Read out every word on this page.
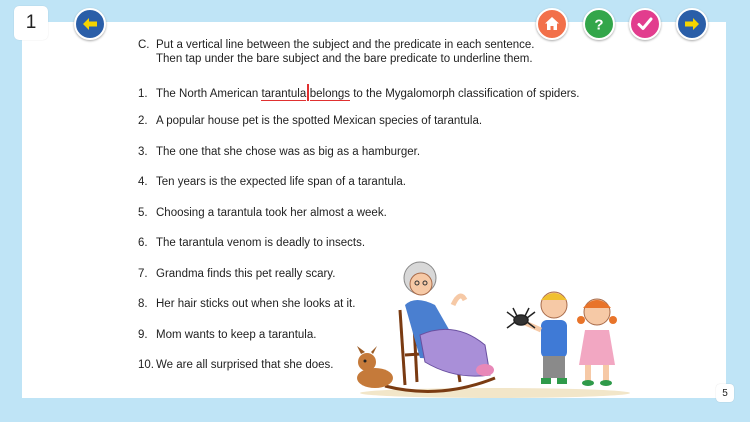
1	?
C. Put a vertical line between the subject and the predicate in each sentence.
Then tap under the bare subject and the bare predicate to underline them.
1. The North American tarantula belongs to the Mygalomorph classification of spiders.
2. A popular house pet is the spotted Mexican species of tarantula.
3. The one that she chose was as big as a hamburger.
4. Ten years is the expected life span of a tarantula.
5. Choosing a tarantula took her almost a week.
6. The tarantula venom is deadly to insects.
7. Grandma finds this pet really scary.
8. Her hair sticks out when she looks at it.
9. Mom wants to keep a tarantula.
10. We are all surprised that she does.
5
